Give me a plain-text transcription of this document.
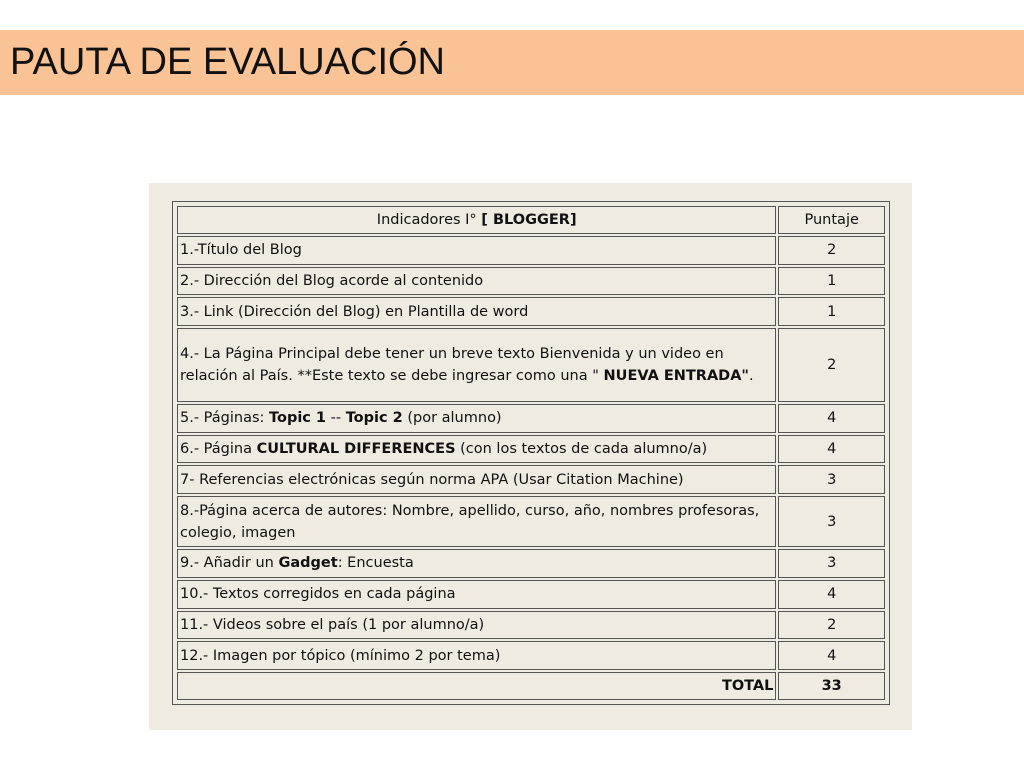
PAUTA DE EVALUACIÓN
Indicadores I° [ BLOGGER]	Puntaje
1.-Título del Blog	2
2.- Dirección del Blog acorde al contenido	1
3.- Link (Dirección del Blog) en Plantilla de word	1
4.- La Página Principal debe tener un breve texto Bienvenida y un video en relación al País. **Este texto se debe ingresar como una " NUEVA ENTRADA".	2
5.- Páginas: Topic 1 -- Topic 2 (por alumno)	4
6.- Página CULTURAL DIFFERENCES (con los textos de cada alumno/a)	4
7- Referencias electrónicas según norma APA (Usar Citation Machine)	3
8.-Página acerca de autores: Nombre, apellido, curso, año, nombres profesoras, colegio, imagen	3
9.- Añadir un Gadget: Encuesta	3
10.- Textos corregidos en cada página	4
11.- Videos sobre el país (1 por alumno/a)	2
12.- Imagen por tópico (mínimo 2 por tema)	4
TOTAL	33
